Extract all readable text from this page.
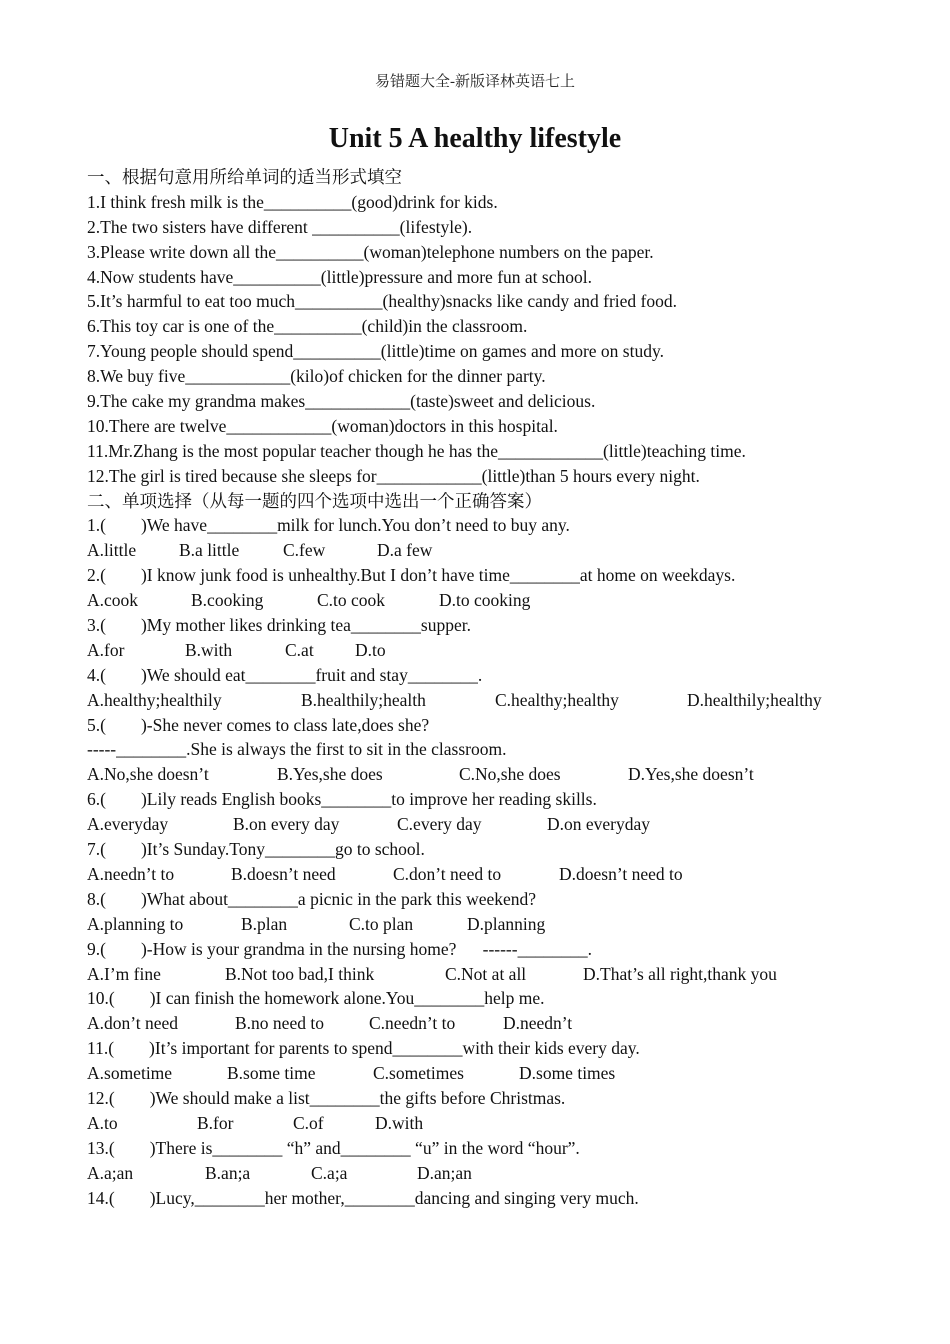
易错题大全-新版译林英语七上
Unit 5 A healthy lifestyle
一、根据句意用所给单词的适当形式填空
1.I think fresh milk is the__________(good)drink for kids.
2.The two sisters have different __________(lifestyle).
3.Please write down all the__________(woman)telephone numbers on the paper.
4.Now students have__________(little)pressure and more fun at school.
5.It’s harmful to eat too much__________(healthy)snacks like candy and fried food.
6.This toy car is one of the__________(child)in the classroom.
7.Young people should spend__________(little)time on games and more on study.
8.We buy five____________(kilo)of chicken for the dinner party.
9.The cake my grandma makes____________(taste)sweet and delicious.
10.There are twelve____________(woman)doctors in this hospital.
11.Mr.Zhang is the most popular teacher though he has the____________(little)teaching time.
12.The girl is tired because she sleeps for____________(little)than 5 hours every night.
二、单项选择（从每一题的四个选项中选出一个正确答案）
1.(        )We have________milk for lunch.You don’t need to buy any.
A.little B.a little C.few	D.a few
2.(        )I know junk food is unhealthy.But I don’t have time________at home on weekdays.
A.cook	B.cooking	C.to cook	D.to cooking
3.(        )My mother likes drinking tea________supper.
A.for	B.with	C.at D.to
4.(        )We should eat________fruit and stay________.
A.healthy;healthily	B.healthily;health	C.healthy;healthy	D.healthily;healthy
5.(        )-She never comes to class late,does she?
-----________.She is always the first to sit in the classroom.
A.No,she doesn’t	B.Yes,she does	C.No,she does	D.Yes,she doesn’t
6.(        )Lily reads English books________to improve her reading skills.
A.everyday	B.on every day	C.every day	D.on everyday
7.(        )It’s Sunday.Tony________go to school.
A.needn’t to	B.doesn’t need	C.don’t need to	D.doesn’t need to
8.(        )What about________a picnic in the park this weekend?
A.planning to	B.plan	C.to plan	D.planning
9.(        )-How is your grandma in the nursing home?      ------________.
A.I’m fine	B.Not too bad,I think	C.Not at all	D.That’s all right,thank you
10.(        )I can finish the homework alone.You________help me.
A.don’t need	B.no need to	C.needn’t to	D.needn’t
11.(        )It’s important for parents to spend________with their kids every day.
A.sometime	B.some time	C.sometimes	D.some times
12.(        )We should make a list________the gifts before Christmas.
A.to	B.for	C.of	D.with
13.(        )There is________ “h” and________ “u” in the word “hour”.
A.a;an	B.an;a	C.a;a	D.an;an
14.(        )Lucy,________her mother,________dancing and singing very much.
